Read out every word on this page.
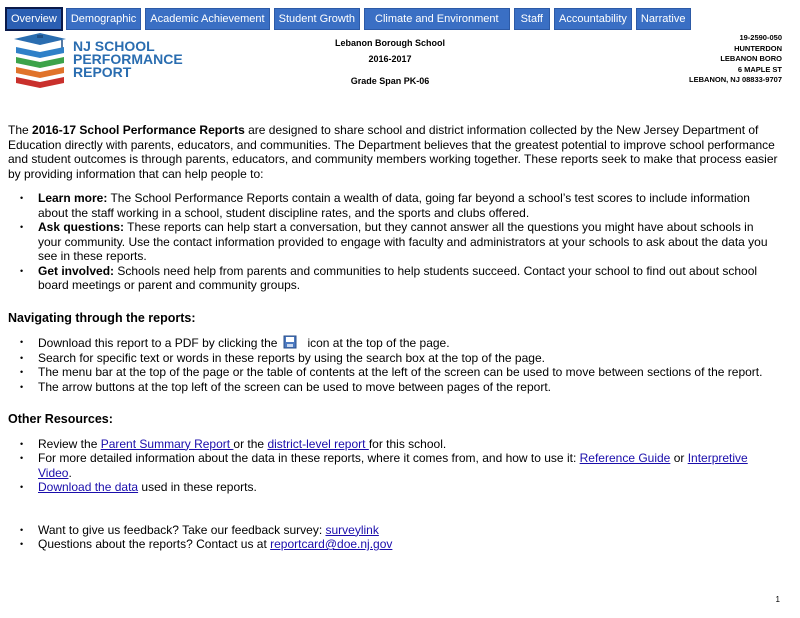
Overview	Demographic	Academic Achievement	Student Growth	Climate and Environment	Staff	Accountability	Narrative
NJ SCHOOL
PERFORMANCE
REPORT
Lebanon Borough School
2016-2017
Grade Span PK-06
19-2590-050
HUNTERDON
LEBANON BORO
6 MAPLE ST
LEBANON, NJ 08833-9707

The 2016-17 School Performance Reports are designed to share school and district information collected by the New Jersey Department of Education directly with parents, educators, and communities. The Department believes that the greatest potential to improve school performance and student outcomes is through parents, educators, and community members working together. These reports seek to make that process easier by providing information that can help people to:

• Learn more: The School Performance Reports contain a wealth of data, going far beyond a school’s test scores to include information about the staff working in a school, student discipline rates, and the sports and clubs offered.
• Ask questions: These reports can help start a conversation, but they cannot answer all the questions you might have about schools in your community. Use the contact information provided to engage with faculty and administrators at your schools to ask about the data you see in these reports.
• Get involved: Schools need help from parents and communities to help students succeed. Contact your school to find out about school board meetings or parent and community groups.

Navigating through the reports:

• Download this report to a PDF by clicking the	icon at the top of the page.
• Search for specific text or words in these reports by using the search box at the top of the page.
• The menu bar at the top of the page or the table of contents at the left of the screen can be used to move between sections of the report.
• The arrow buttons at the top left of the screen can be used to move between pages of the report.

Other Resources:

• Review the Parent Summary Report or the district-level report for this school.
• For more detailed information about the data in these reports, where it comes from, and how to use it: Reference Guide or Interpretive Video.
• Download the data used in these reports.
• Want to give us feedback? Take our feedback survey: surveylink
• Questions about the reports? Contact us at reportcard@doe.nj.gov
1
